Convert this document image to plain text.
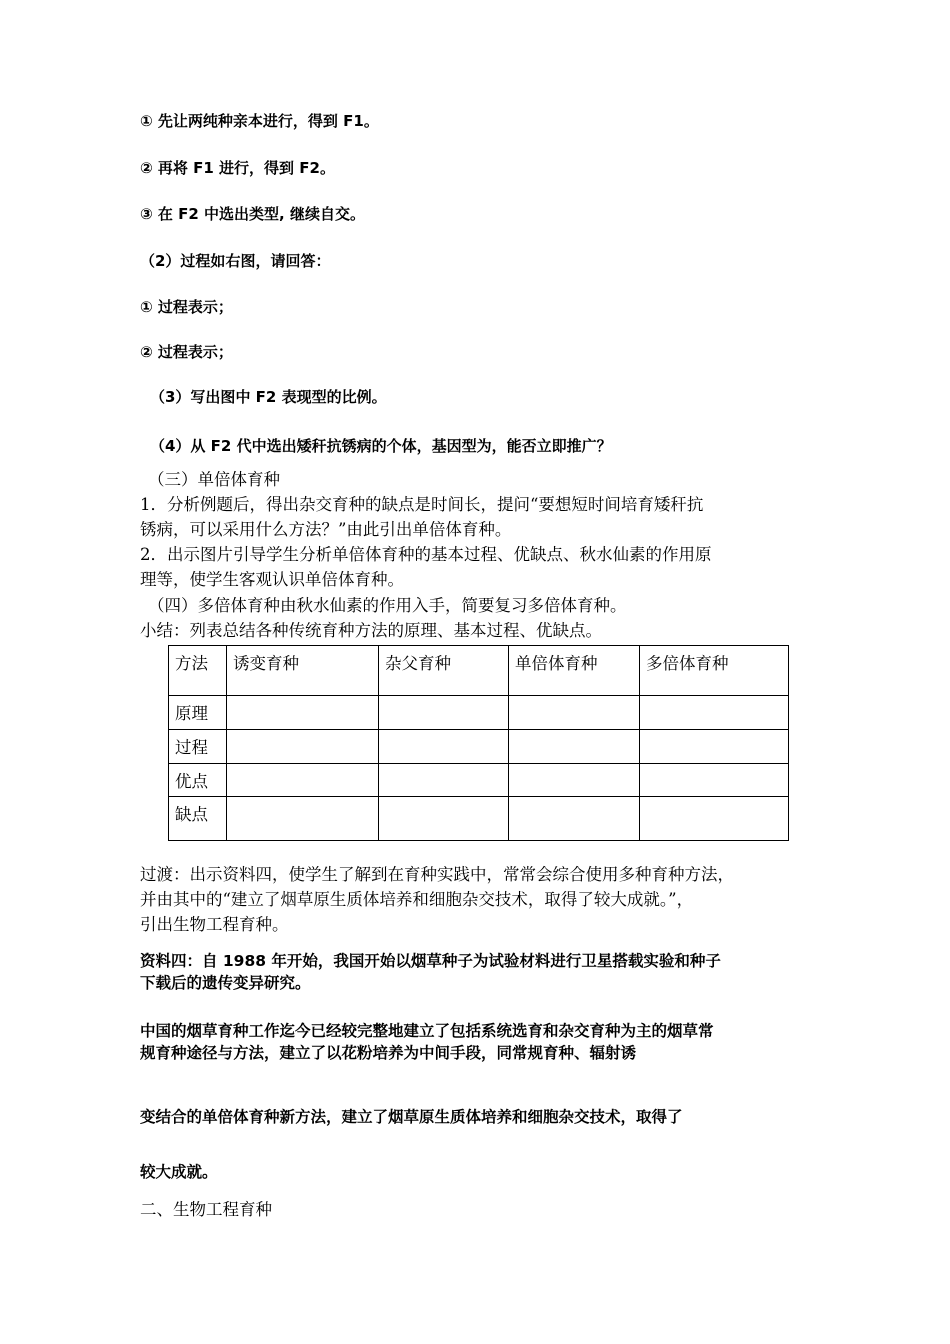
① 先让两纯种亲本进行，得到 F1。
② 再将 F1 进行，得到 F2。
③ 在 F2 中选出类型, 继续自交。
（2）过程如右图，请回答：
① 过程表示；
② 过程表示；
（3）写出图中 F2 表现型的比例。
（4）从 F2 代中选出矮秆抗锈病的个体，基因型为，能否立即推广？
（三）单倍体育种
1．分析例题后，得出杂交育种的缺点是时间长，提问“要想短时间培育矮秆抗
锈病，可以采用什么方法？”由此引出单倍体育种。
2．出示图片引导学生分析单倍体育种的基本过程、优缺点、秋水仙素的作用原
理等，使学生客观认识单倍体育种。
（四）多倍体育种由秋水仙素的作用入手，简要复习多倍体育种。
小结：列表总结各种传统育种方法的原理、基本过程、优缺点。
方法	诱变育种	杂父育种	单倍体育种	多倍体育种
原理				
过程				
优点				
缺点				
过渡：出示资料四，使学生了解到在育种实践中，常常会综合使用多种育种方法，
并由其中的“建立了烟草原生质体培养和细胞杂交技术，取得了较大成就。”，
引出生物工程育种。
资料四：自 1988 年开始，我国开始以烟草种子为试验材料进行卫星搭载实验和种子
下载后的遗传变异研究。
中国的烟草育种工作迄今已经较完整地建立了包括系统选育和杂交育种为主的烟草常
规育种途径与方法，建立了以花粉培养为中间手段，同常规育种、辐射诱
变结合的单倍体育种新方法，建立了烟草原生质体培养和细胞杂交技术，取得了
较大成就。
二、生物工程育种
